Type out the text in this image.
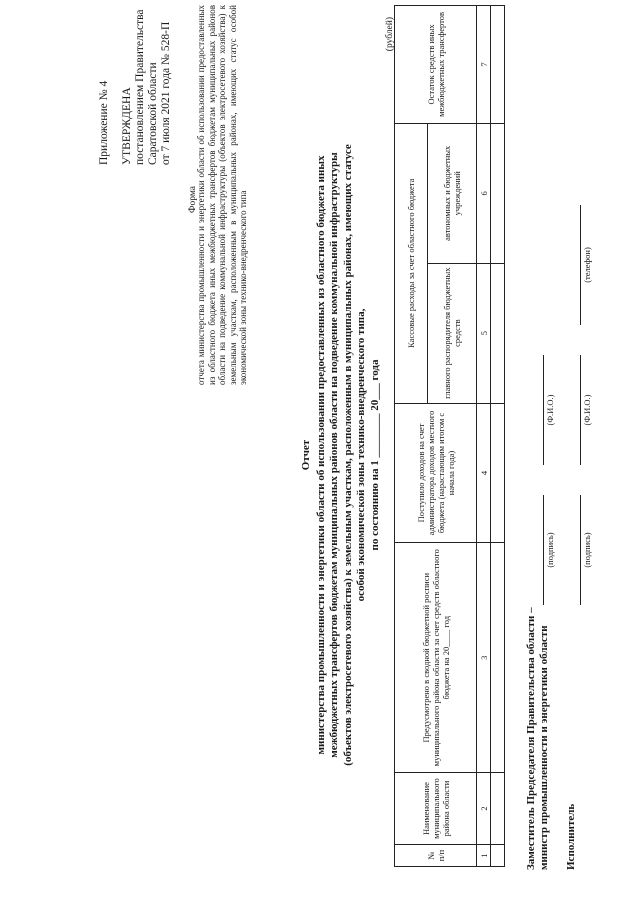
Приложение № 4 УТВЕРЖДЕНА постановлением Правительства Саратовской области от 7 июля 2021 года № 528-П
Форма
отчета министерства промышленности и энергетики области об использовании предоставленных из областного бюджета иных межбюджетных трансфертов бюджетам муниципальных районов области на подведение коммунальной инфраструктуры (объектов электросетевого хозяйства) к земельным участкам, расположенным в муниципальных районах, имеющих статус особой экономической зоны технико-внедренческого типа
Отчет министерства промышленности и энергетики области об использовании предоставленных из областного бюджета иных межбюджетных трансфертов бюджетам муниципальных районов области на подведение коммунальной инфраструктуры (объектов электросетевого хозяйства) к земельным участкам, расположенным в муниципальных районах, имеющих статусе особой экономической зоны технико-внедренческого типа, по состоянию на 1 ________ 20___ года
(рублей)
№ п/п	Наименование муниципального района области	Предусмотрено в сводной бюджетной росписи муниципального района области за счет средств областного бюджета на 20____ год	Поступило доходов на счет администратора доходов местного бюджета (нарастающим итогом с начала года)	Кассовые расходы за счет областного бюджета		Остаток средств иных межбюджетных трансфертов
				главного распорядителя бюджетных средств	автономных и бюджетных учреждений	
1	2	3	4	5	6	7

Заместитель Председателя Правительства области – министр промышленности и энергетики области
(подпись)
(Ф.И.О.)
Исполнитель
(подпись)
(Ф.И.О.)
(телефон)
